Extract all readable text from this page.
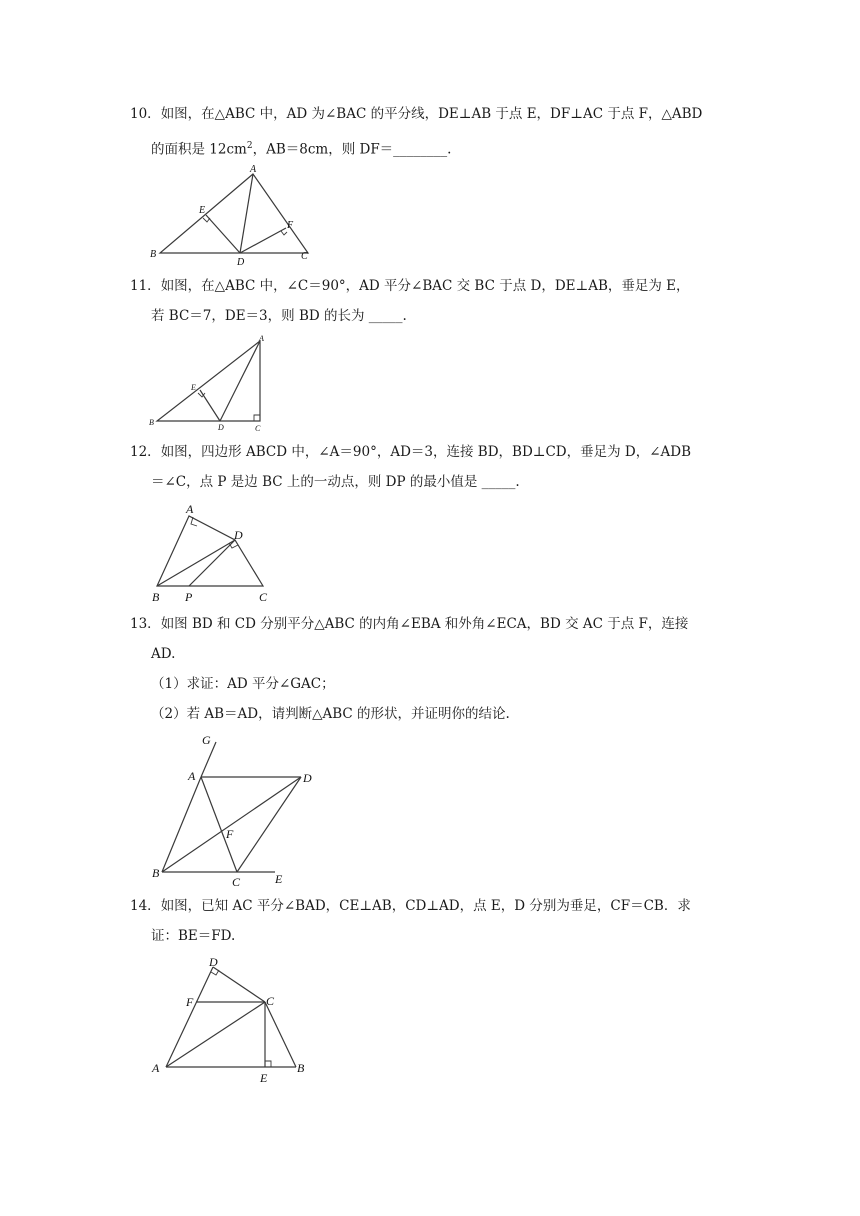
10．如图，在△ABC 中，AD 为∠BAC 的平分线，DE⊥AB 于点 E，DF⊥AC 于点 F，△ABD
的面积是 $12cm^2$，AB＝8cm，则 DF＝________.
A
B	C
D
E
F
11．如图，在△ABC 中，∠C＝90°，AD 平分∠BAC 交 BC 于点 D，DE⊥AB，垂足为 E，
若 BC＝7，DE＝3，则 BD 的长为 _____.
A
B
C
D
E
12．如图，四边形 ABCD 中，∠A＝90°，AD＝3，连接 BD，BD⊥CD，垂足为 D，∠ADB
＝∠C，点 P 是边 BC 上的一动点，则 DP 的最小值是 _____.
A
B	C
D
P
13．如图 BD 和 CD 分别平分△ABC 的内角∠EBA 和外角∠ECA，BD 交 AC 于点 F，连接
AD.
（1）求证：AD 平分∠GAC；
（2）若 AB＝AD，请判断△ABC 的形状，并证明你的结论.
G
A	D
F
B
C	E
14．如图，已知 AC 平分∠BAD，CE⊥AB，CD⊥AD，点 E，D 分别为垂足，CF＝CB．求
证：BE＝FD.
D
F	C
A
E
B
